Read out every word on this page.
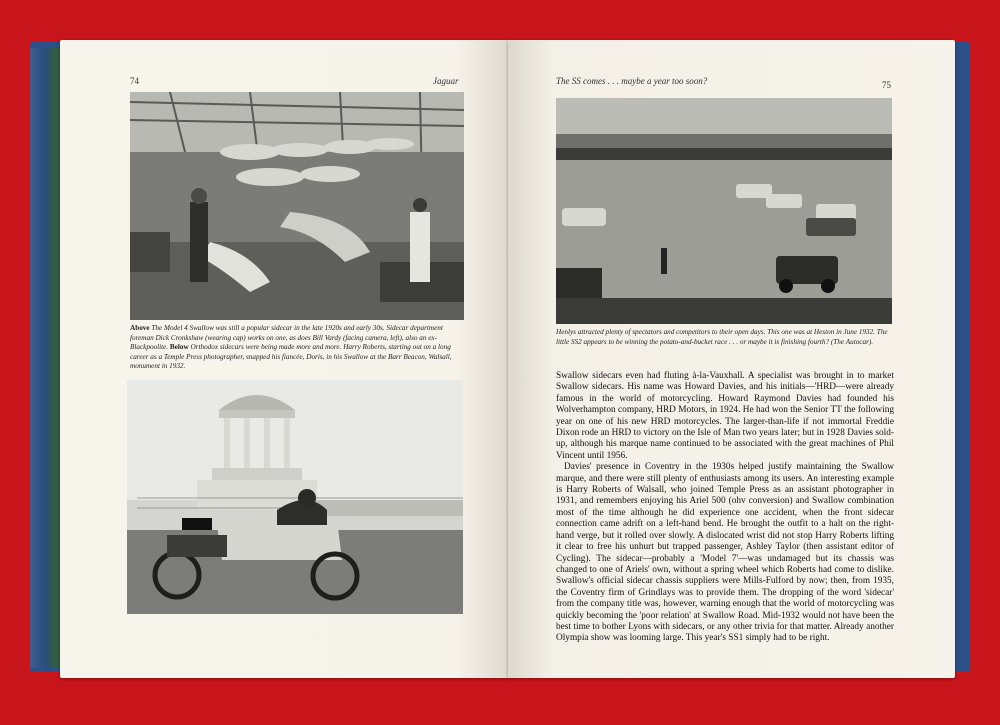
74	Jaguar
Above The Model 4 Swallow was still a popular sidecar in the late 1920s and early 30s. Sidecar department foreman Dick Cronkshaw (wearing cap) works on one, as does Bill Vardy (facing camera, left), also an ex-Blackpoolite. Below Orthodox sidecars were being made more and more. Harry Roberts, starting out on a long career as a Temple Press photographer, snapped his fiancée, Doris, in his Swallow at the Barr Beacon, Walsall, monument in 1932.
The SS comes . . . maybe a year too soon?	75
Henlys attracted plenty of spectators and competitors to their open days. This one was at Heston in June 1932. The little SS2 appears to be winning the potato-and-bucket race . . . or maybe it is finishing fourth? (The Autocar).

Swallow sidecars even had fluting à-la-Vauxhall. A specialist was brought in to market Swallow sidecars. His name was Howard Davies, and his initials—'HRD—were already famous in the world of motorcycling. Howard Raymond Davies had founded his Wolverhampton company, HRD Motors, in 1924. He had won the Senior TT the following year on one of his new HRD motorcycles. The larger-than-life if not immortal Freddie Dixon rode an HRD to victory on the Isle of Man two years later; but in 1928 Davies sold-up, although his marque name continued to be associated with the great machines of Phil Vincent until 1956.

Davies' presence in Coventry in the 1930s helped justify maintaining the Swallow marque, and there were still plenty of enthusiasts among its users. An interesting example is Harry Roberts of Walsall, who joined Temple Press as an assistant photographer in 1931, and remembers enjoying his Ariel 500 (ohv conversion) and Swallow combination most of the time although he did experience one accident, when the front sidecar connection came adrift on a left-hand bend. He brought the outfit to a halt on the right-hand verge, but it rolled over slowly. A dislocated wrist did not stop Harry Roberts lifting it clear to free his unhurt but trapped passenger, Ashley Taylor (then assistant editor of Cycling). The sidecar—probably a 'Model 7'—was undamaged but its chassis was changed to one of Ariels' own, without a spring wheel which Roberts had come to dislike. Swallow's official sidecar chassis suppliers were Mills-Fulford by now; then, from 1935, the Coventry firm of Grindlays was to provide them. The dropping of the word 'sidecar' from the company title was, however, warning enough that the world of motorcycling was quickly becoming the 'poor relation' at Swallow Road. Mid-1932 would not have been the best time to bother Lyons with sidecars, or any other trivia for that matter. Already another Olympia show was looming large. This year's SS1 simply had to be right.
